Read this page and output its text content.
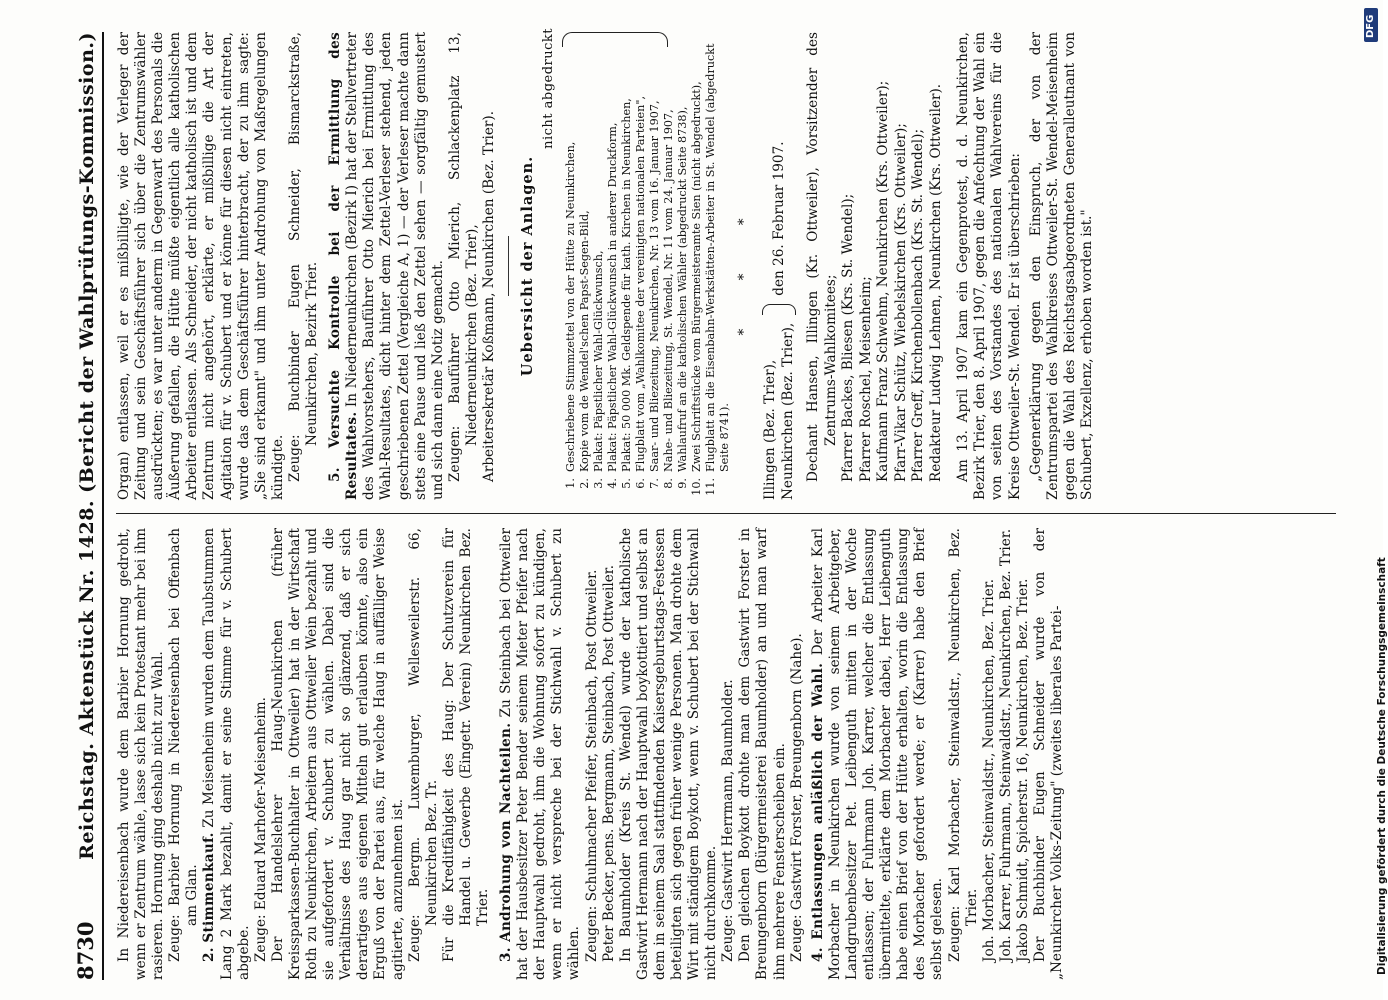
8730
Reichstag. Aktenstück Nr. 1428. (Bericht der Wahlprüfungs-Kommission.) In Niedereisenbach wurde dem Barbier Hornung gedroht, wenn er Zentrum wähle, lasse sich kein Protestant mehr bei ihm rasieren. Hornung ging deshalb nicht zur Wahl. Zeuge: Barbier Hornung in Niedereisenbach bei Offenbach am Glan.

2. Stimmenkauf. Zu Meisenheim wurden dem Taubstummen Lang 2 Mark bezahlt, damit er seine Stimme für v. Schubert abgebe. Zeuge: Eduard Marhofer-Meisenheim. Der Handelslehrer Haug-Neunkirchen (früher Kreissparkassen-Buchhalter in Ottweiler) hat in der Wirtschaft Roth zu Neunkirchen, Arbeitern aus Ottweiler Wein bezahlt und sie aufgefordert v. Schubert zu wählen. Dabei sind die Verhältnisse des Haug gar nicht so glänzend, daß er sich derartiges aus eigenen Mitteln gut erlauben könnte, also ein Erguß von der Partei aus, für welche Haug in auffälliger Weise agitierte, anzunehmen ist. Zeuge: Bergm. Luxemburger, Wellesweilerstr. 66, Neunkirchen Bez. Tr. Für die Kreditfähigkeit des Haug: Der Schutzverein für Handel u. Gewerbe (Eingetr. Verein) Neunkirchen Bez. Trier.

3. Androhung von Nachteilen. Zu Steinbach bei Ottweiler hat der Hausbesitzer Peter Bender seinem Mieter Pfeifer nach der Hauptwahl gedroht, ihm die Wohnung sofort zu kündigen, wenn er nicht verspreche bei der Stichwahl v. Schubert zu wählen. Zeugen: Schuhmacher Pfeifer, Steinbach, Post Ottweiler. Peter Becker, pens. Bergmann, Steinbach, Post Ottweiler. In Baumholder (Kreis St. Wendel) wurde der katholische Gastwirt Hermann nach der Hauptwahl boykottiert und selbst an dem in seinem Saal stattfindenden Kaisersgeburtstags-Festessen beteiligten sich gegen früher wenige Personen. Man drohte dem Wirt mit ständigem Boykott, wenn v. Schubert bei der Stichwahl nicht durchkomme. Zeuge: Gastwirt Herrmann, Baumholder. Den gleichen Boykott drohte man dem Gastwirt Forster in Breungenborn (Bürgermeisterei Baumholder) an und man warf ihm mehrere Fensterscheiben ein. Zeuge: Gastwirt Forster, Breungenborn (Nahe). 4. Entlassungen anläßlich der Wahl. Der Arbeiter Karl Morbacher in Neunkirchen wurde von seinem Arbeitgeber, Landgrubenbesitzer Pet. Leibenguth mitten in der Woche entlassen; der Fuhrmann Joh. Karrer, welcher die Entlassung übermittelte, erklärte dem Morbacher dabei, Herr Leibenguth habe einen Brief von der Hütte erhalten, worin die Entlassung des Morbacher gefordert werde; er (Karrer) habe den Brief selbst gelesen. Zeugen: Karl Morbacher, Steinwaldstr., Neunkirchen, Bez. Trier. Joh. Morbacher, Steinwaldstr., Neunkirchen, Bez. Trier. Joh. Karrer, Fuhrmann, Steinwaldstr., Neunkirchen, Bez. Trier. Jakob Schmidt, Spicherstr. 16, Neunkirchen, Bez. Trier. Der Buchbinder Eugen Schneider wurde von der „Neunkircher Volks-Zeitung" (zweites liberales Partei-

Organ) entlassen, weil er es mißbilligte, wie der Verleger der Zeitung und sein Geschäftsführer sich über die Zentrumswähler ausdrückten; es war unter anderm in Gegenwart des Personals die Äußerung gefallen, die Hütte müßte eigentlich alle katholischen Arbeiter entlassen. Als Schneider, der nicht katholisch ist und dem Zentrum nicht angehört, erklärte, er mißbillige die Art der Agitation für v. Schubert und er könne für diesen nicht eintreten, wurde das dem Geschäftsführer hinterbracht, der zu ihm sagte: „Sie sind erkannt" und ihm unter Androhung von Maßregelungen kündigte. Zeuge: Buchbinder Eugen Schneider, Bismarckstraße, Neunkirchen, Bezirk Trier.

5. Versuchte Kontrolle bei der Ermittlung des Resultates. In Niederneunkirchen (Bezirk I) hat der Stellvertreter des Wahlvorstehers, Bauführer Otto Mierich bei Ermittlung des Wahl-Resultates, dicht hinter dem Zettel-Verleser stehend, jeden geschriebenen Zettel (Vergleiche A, 1) — der Verleser machte dann stets eine Pause und ließ den Zettel sehen — sorgfältig gemustert und sich dann eine Notiz gemacht. Zeugen: Bauführer Otto Mierich, Schlackenplatz 13, Niederneunkirchen (Bez. Trier), Arbeitersekretär Koßmann, Neunkirchen (Bez. Trier). Uebersicht der Anlagen.

nicht abgedruckt
1.
Geschriebene Stimmzettel von der Hütte zu Neunkirchen,
2.
Kopie vom de Wendel'schen Papst-Segen-Bild,
3.
Plakat: Päpstlicher Wahl-Glückwunsch,
4.
Plakat: Päpstlicher Wahl-Glückwunsch in anderer Druckform,
5.
Plakat: 50 000 Mk. Geldspende für kath. Kirchen in Neunkirchen,
6.
Flugblatt vom „Wahlkomitee der vereinigten nationalen Parteien",
7.
Saar- und Bliezeitung, Neunkirchen, Nr. 13 vom 16. Januar 1907,
8.
Nahe- und Bliezeitung, St. Wendel, Nr. 11 vom 24. Januar 1907,
9.
Wahlaufruf an die katholischen Wähler (abgedruckt Seite 8738),
10.
Zwei Schriftstücke vom Bürgermeisteramte Sien (nicht abgedruckt),
11.
Flugblatt an die Eisenbahn-Werkstätten-Arbeiter in St. Wendel (abgedruckt Seite 8741).

* * *

Illingen (Bez. Trier), Neunkirchen (Bez. Trier),
den 26. Februar 1907. Dechant Hansen, Illingen (Kr. Ottweiler), Vorsitzender des Zentrums-Wahlkomitees; Pfarrer Backes, Bliesen (Krs. St. Wendel); Pfarrer Roschel, Meisenheim; Kaufmann Franz Schwehm, Neunkirchen (Krs. Ottweiler); Pfarr-Vikar Schütz, Wiebelskirchen (Krs. Ottweiler); Pfarrer Greff, Kirchenbollenbach (Krs. St. Wendel); Redakteur Ludwig Lehnen, Neunkirchen (Krs. Ottweiler). Am 13. April 1907 kam ein Gegenprotest, d. d. Neunkirchen, Bezirk Trier, den 8. April 1907, gegen die Anfechtung der Wahl ein von seiten des Vorstandes des nationalen Wahlvereins für die Kreise Ottweiler-St. Wendel. Er ist überschrieben: „Gegenerklärung gegen den Einspruch, der von der Zentrumspartei des Wahlkreises Ottweiler-St. Wendel-Meisenheim gegen die Wahl des Reichstagsabgeordneten Generalleutnant von Schubert, Exzellenz, erhoben worden ist."

Digitalisierung gefördert durch die Deutsche Forschungsgemeinschaft
DFG
